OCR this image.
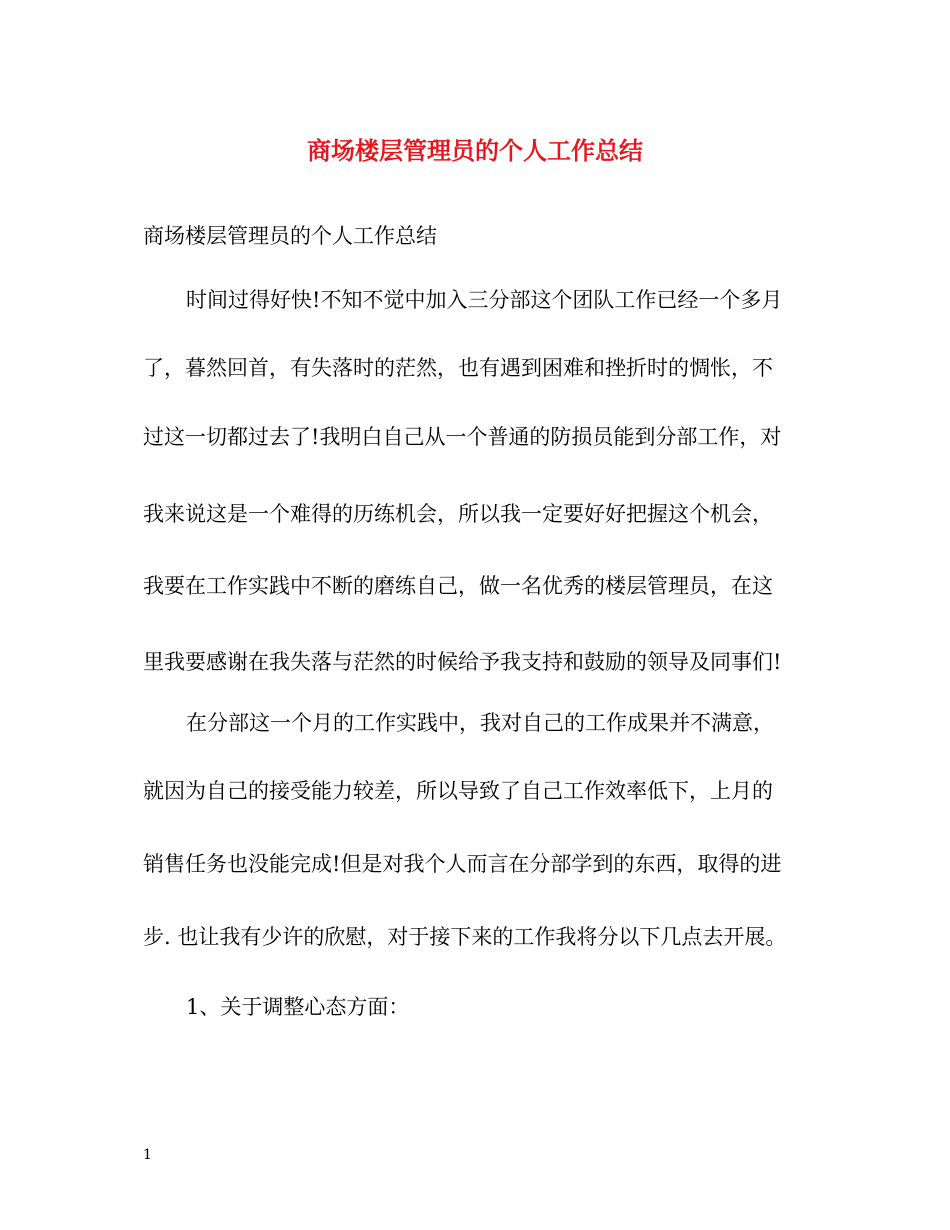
商场楼层管理员的个人工作总结

商场楼层管理员的个人工作总结

时间过得好快!不知不觉中加入三分部这个团队工作已经一个多月

了，暮然回首，有失落时的茫然，也有遇到困难和挫折时的惆怅，不

过这一切都过去了!我明白自己从一个普通的防损员能到分部工作，对

我来说这是一个难得的历练机会，所以我一定要好好把握这个机会，

我要在工作实践中不断的磨练自己，做一名优秀的楼层管理员，在这

里我要感谢在我失落与茫然的时候给予我支持和鼓励的领导及同事们!

在分部这一个月的工作实践中，我对自己的工作成果并不满意，

就因为自己的接受能力较差，所以导致了自己工作效率低下，上月的

销售任务也没能完成!但是对我个人而言在分部学到的东西，取得的进

步. 也让我有少许的欣慰，对于接下来的工作我将分以下几点去开展。

1、关于调整心态方面：

1
